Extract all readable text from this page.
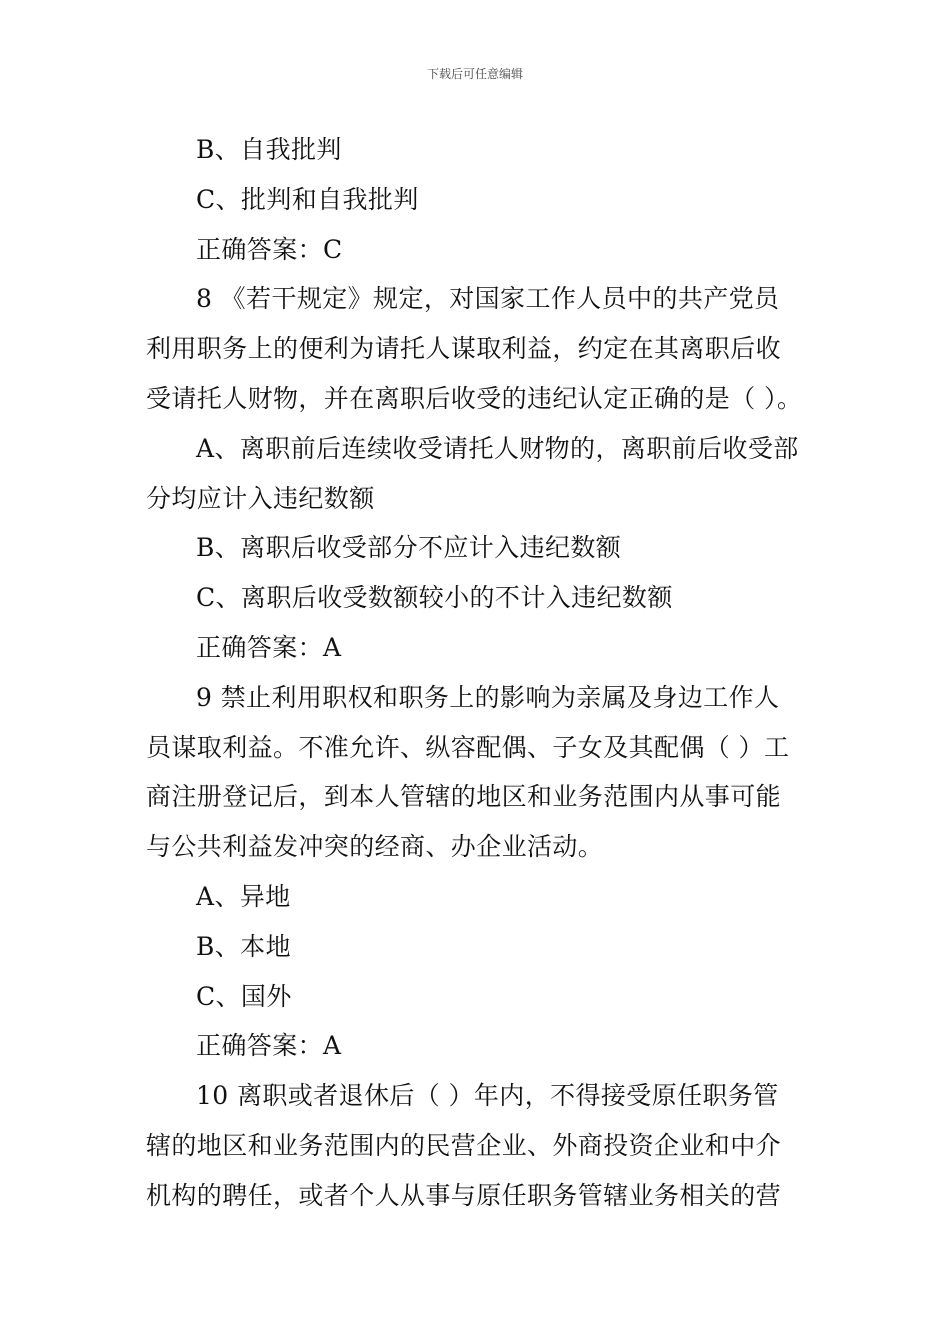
下载后可任意编辑
B、自我批判
C、批判和自我批判
正确答案：C
8 《若干规定》规定，对国家工作人员中的共产党员
利用职务上的便利为请托人谋取利益，约定在其离职后收
受请托人财物，并在离职后收受的违纪认定正确的是（ ）。
A、离职前后连续收受请托人财物的，离职前后收受部
分均应计入违纪数额
B、离职后收受部分不应计入违纪数额
C、离职后收受数额较小的不计入违纪数额
正确答案：A
9 禁止利用职权和职务上的影响为亲属及身边工作人
员谋取利益。不准允许、纵容配偶、子女及其配偶（ ）工
商注册登记后，到本人管辖的地区和业务范围内从事可能
与公共利益发冲突的经商、办企业活动。
A、异地
B、本地
C、国外
正确答案：A
10 离职或者退休后（ ）年内，不得接受原任职务管
辖的地区和业务范围内的民营企业、外商投资企业和中介
机构的聘任，或者个人从事与原任职务管辖业务相关的营
